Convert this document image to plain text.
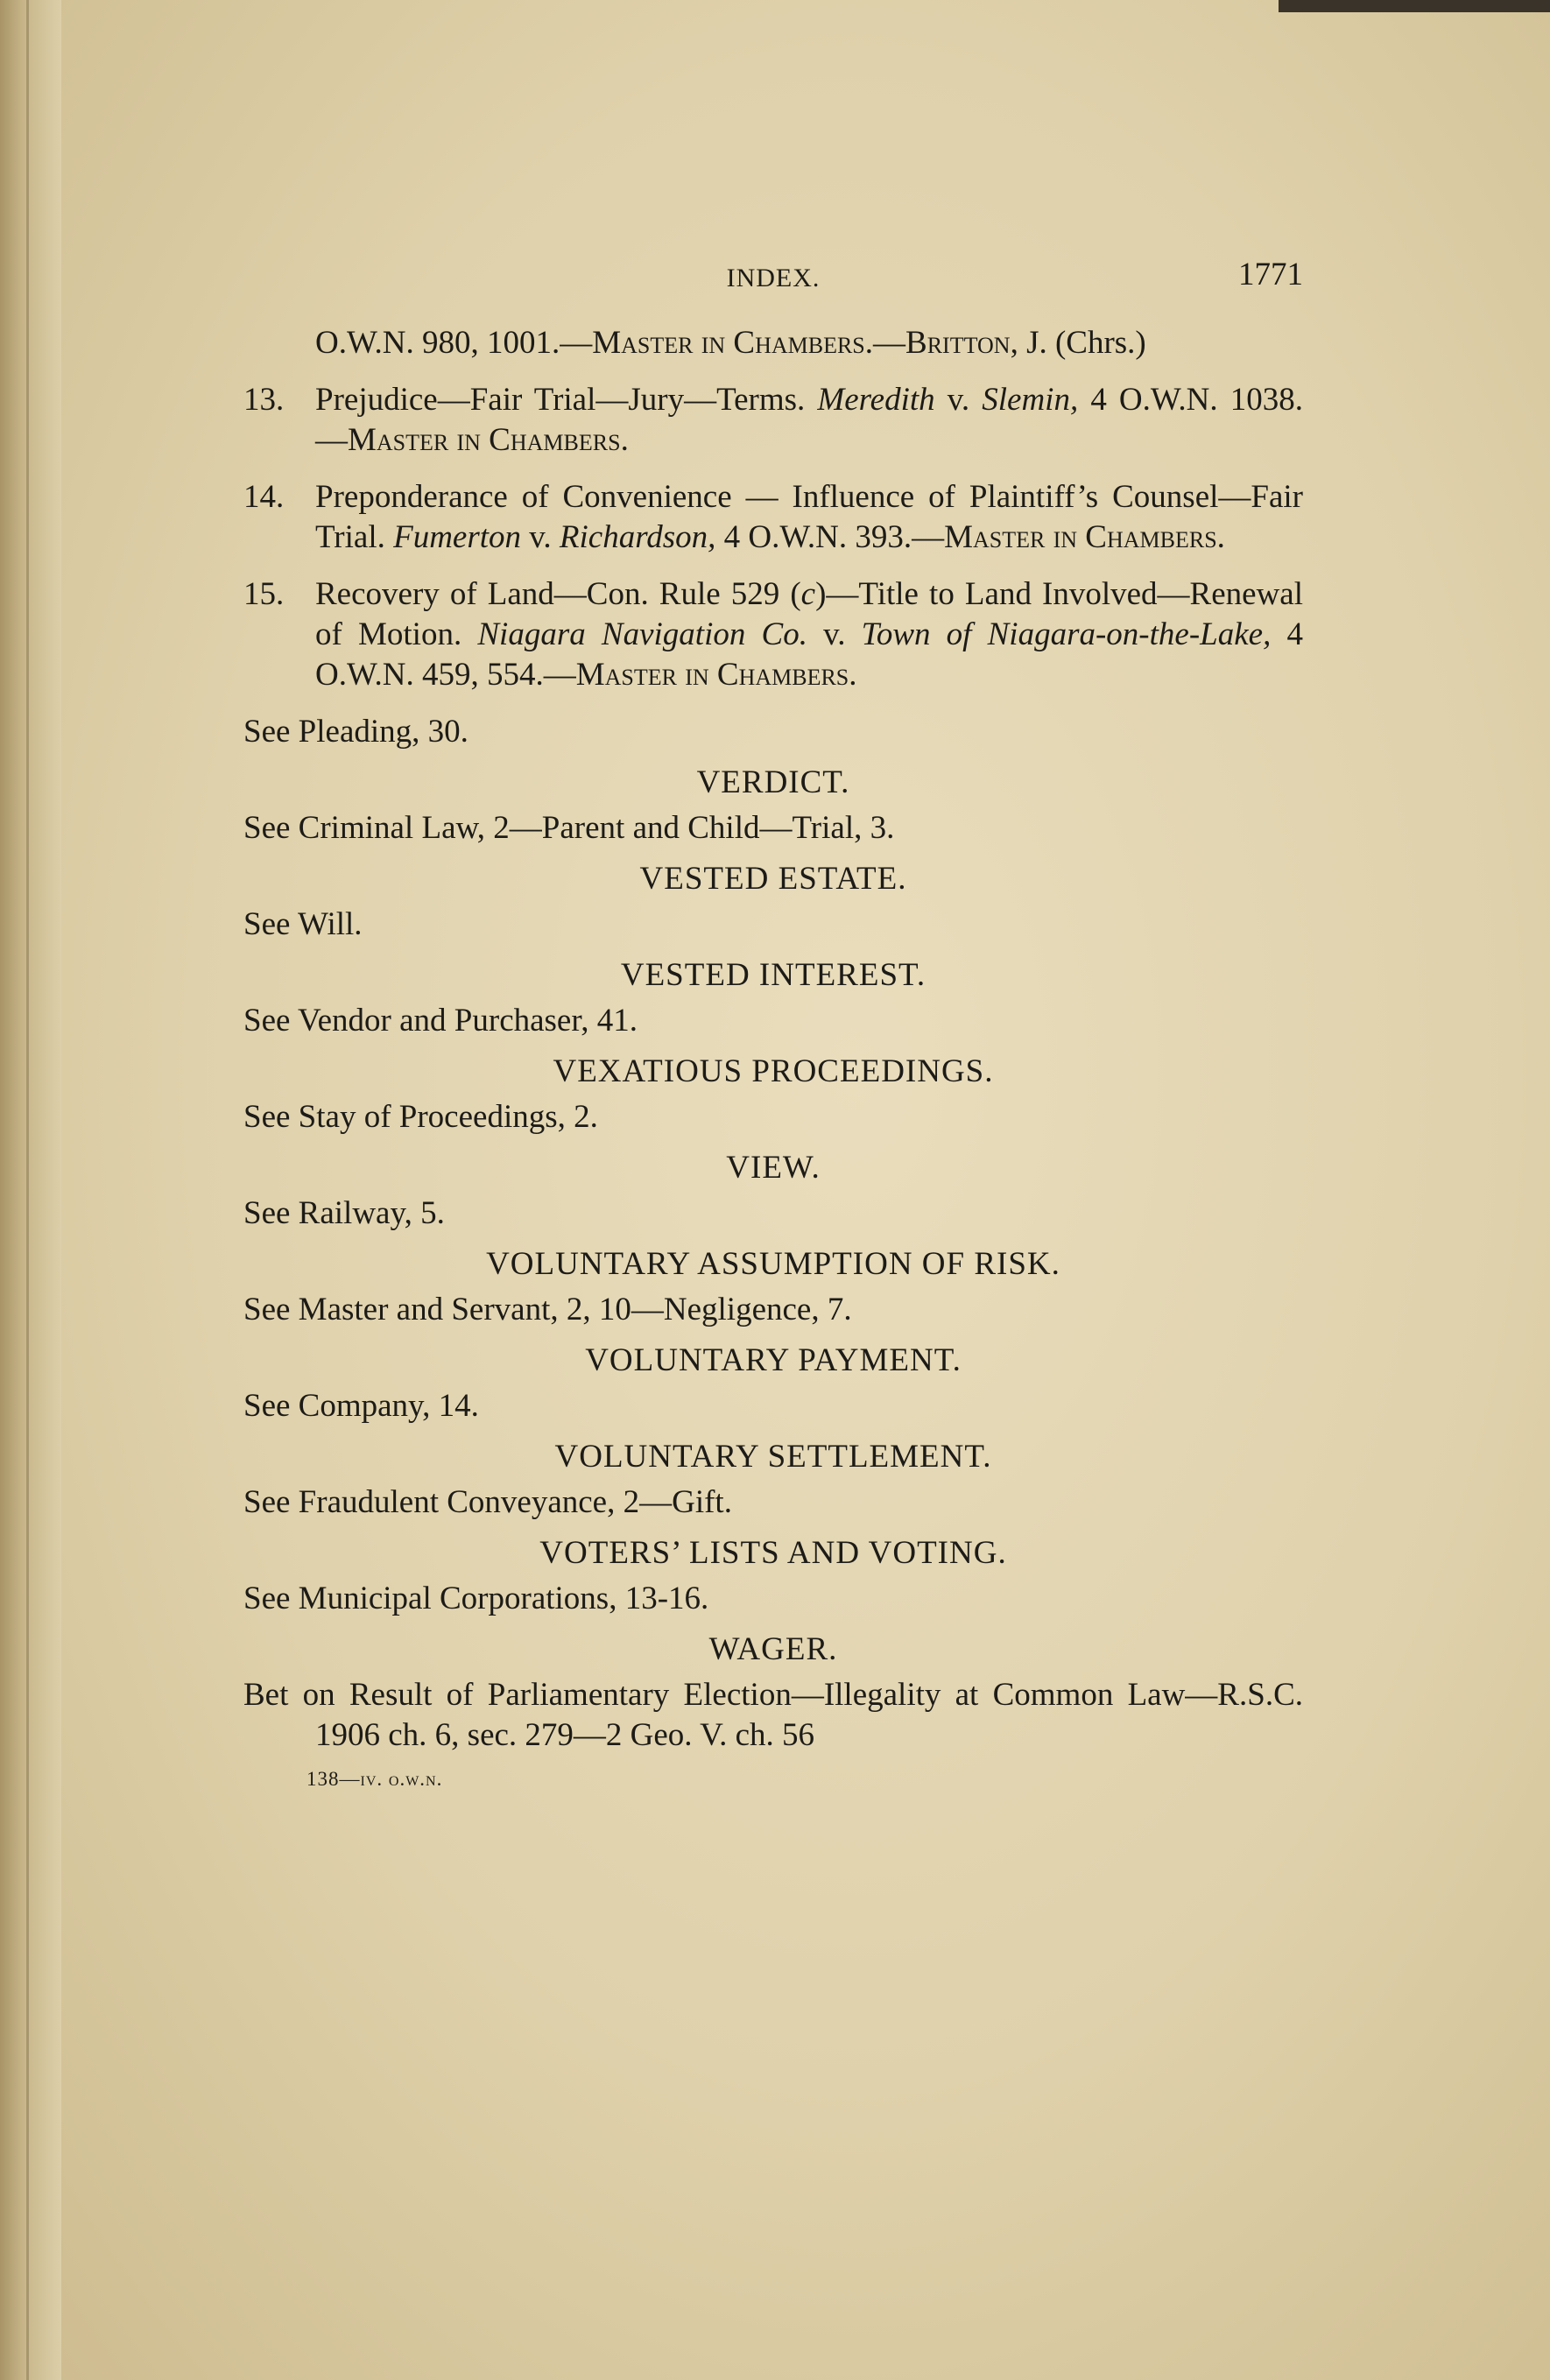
INDEX.	1771

O.W.N. 980, 1001.—Master in Chambers.—Britton, J. (Chrs.)

13. Prejudice—Fair Trial—Jury—Terms. Meredith v. Slemin, 4 O.W.N. 1038.—Master in Chambers.

14. Preponderance of Convenience — Influence of Plaintiff’s Counsel—Fair Trial. Fumerton v. Richardson, 4 O.W.N. 393.—Master in Chambers.

15. Recovery of Land—Con. Rule 529 (c)—Title to Land Involved—Renewal of Motion. Niagara Navigation Co. v. Town of Niagara-on-the-Lake, 4 O.W.N. 459, 554.—Master in Chambers.

See Pleading, 30.

VERDICT.

See Criminal Law, 2—Parent and Child—Trial, 3.

VESTED ESTATE.

See Will.

VESTED INTEREST.

See Vendor and Purchaser, 41.

VEXATIOUS PROCEEDINGS.

See Stay of Proceedings, 2.

VIEW.

See Railway, 5.

VOLUNTARY ASSUMPTION OF RISK.

See Master and Servant, 2, 10—Negligence, 7.

VOLUNTARY PAYMENT.

See Company, 14.

VOLUNTARY SETTLEMENT.

See Fraudulent Conveyance, 2—Gift.

VOTERS’ LISTS AND VOTING.

See Municipal Corporations, 13-16.

WAGER.

Bet on Result of Parliamentary Election—Illegality at Common Law—R.S.C. 1906 ch. 6, sec. 279—2 Geo. V. ch. 56

138—iv. o.w.n.
